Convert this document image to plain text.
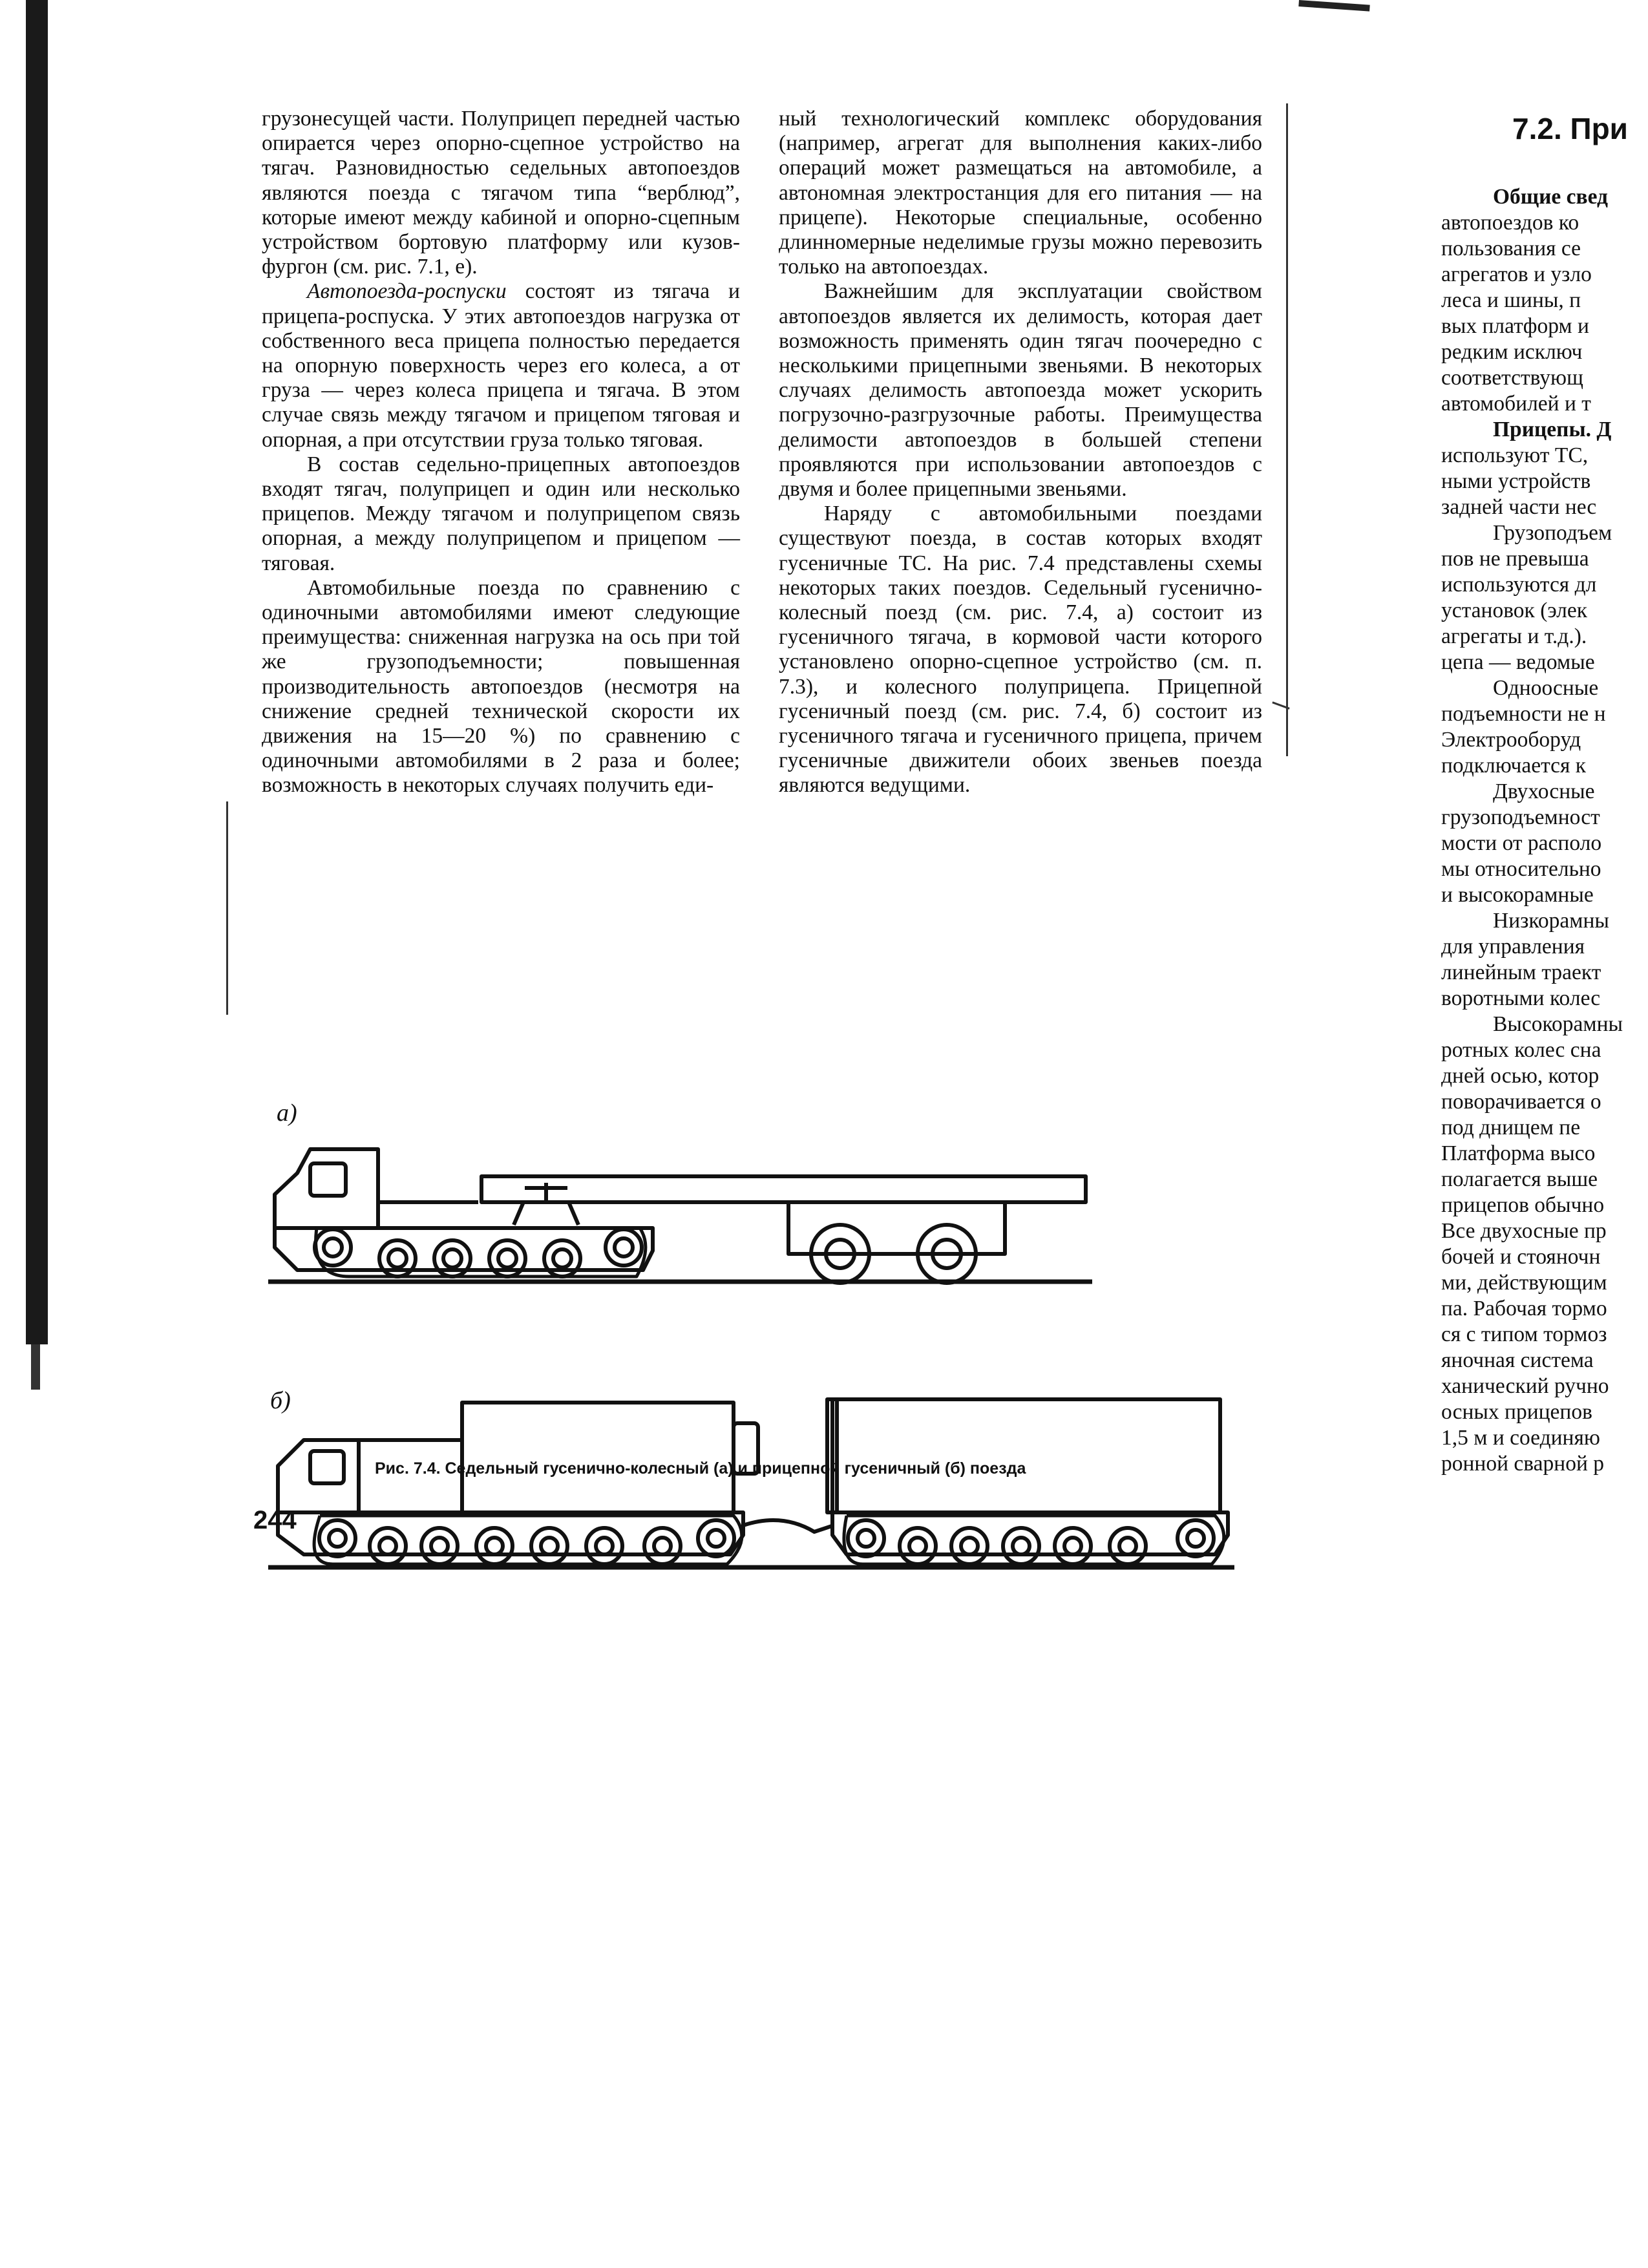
грузонесущей части. Полуприцеп передней частью опирается через опорно-сцепное устройство на тягач. Разновидностью седельных автопоездов являются поезда с тягачом типа “верблюд”, которые имеют между кабиной и опорно-сцепным устройством бортовую платформу или кузов-фургон (см. рис. 7.1, е).

Автопоезда-роспуски состоят из тягача и прицепа-роспуска. У этих автопоездов нагрузка от собственного веса прицепа полностью передается на опорную поверхность через его колеса, а от груза — через колеса прицепа и тягача. В этом случае связь между тягачом и прицепом тяговая и опорная, а при отсутствии груза только тяговая.

В состав седельно-прицепных автопоездов входят тягач, полуприцеп и один или несколько прицепов. Между тягачом и полуприцепом связь опорная, а между полуприцепом и прицепом — тяговая.

Автомобильные поезда по сравнению с одиночными автомобилями имеют следующие преимущества: сниженная нагрузка на ось при той же грузоподъемности; повышенная производительность автопоездов (несмотря на снижение средней технической скорости их движения на 15—20 %) по сравнению с одиночными автомобилями в 2 раза и более; возможность в некоторых случаях получить еди-

ный технологический комплекс оборудования (например, агрегат для выполнения каких-либо операций может размещаться на автомобиле, а автономная электростанция для его питания — на прицепе). Некоторые специальные, особенно длинномерные неделимые грузы можно перевозить только на автопоездах.

Важнейшим для эксплуатации свойством автопоездов является их делимость, которая дает возможность применять один тягач поочередно с несколькими прицепными звеньями. В некоторых случаях делимость автопоезда может ускорить погрузочно-разгрузочные работы. Преимущества делимости автопоездов в большей степени проявляются при использовании автопоездов с двумя и более прицепными звеньями.

Наряду с автомобильными поездами существуют поезда, в состав которых входят гусеничные ТС. На рис. 7.4 представлены схемы некоторых таких поездов. Седельный гусенично-колесный поезд (см. рис. 7.4, а) состоит из гусеничного тягача, в кормовой части которого установлено опорно-сцепное устройство (см. п. 7.3), и колесного полуприцепа. Прицепной гусеничный поезд (см. рис. 7.4, б) состоит из гусеничного тягача и гусеничного прицепа, причем гусеничные движители обоих звеньев поезда являются ведущими.

а)
б)
Рис. 7.4. Седельный гусенично-колесный (а) и прицепной гусеничный (б) поезда
244
7.2. При

Общие свед

автопоездов ко

пользования се

агрегатов и узло

леса и шины, п

вых платформ и

редким исключ

соответствующ

автомобилей и т

Прицепы. Д

используют ТС,

ными устройств

задней части нес

Грузоподъем

пов не превыша

используются дл

установок (элек

агрегаты и т.д.).

цепа — ведомые

Одноосные

подъемности не н

Электрооборуд

подключается к

Двухосные

грузоподъемност

мости от располо

мы относительно

и высокорамные

Низкорамны

для управления

линейным траект

воротными колес

Высокорамны

ротных колес сна

дней осью, котор

поворачивается о

под днищем пе

Платформа высо

полагается выше

прицепов обычно

Все двухосные пр

бочей и стояночн

ми, действующим

па. Рабочая тормо

ся с типом тормоз

яночная система

ханический ручно

осных прицепов

1,5 м и соединяю

ронной сварной р
